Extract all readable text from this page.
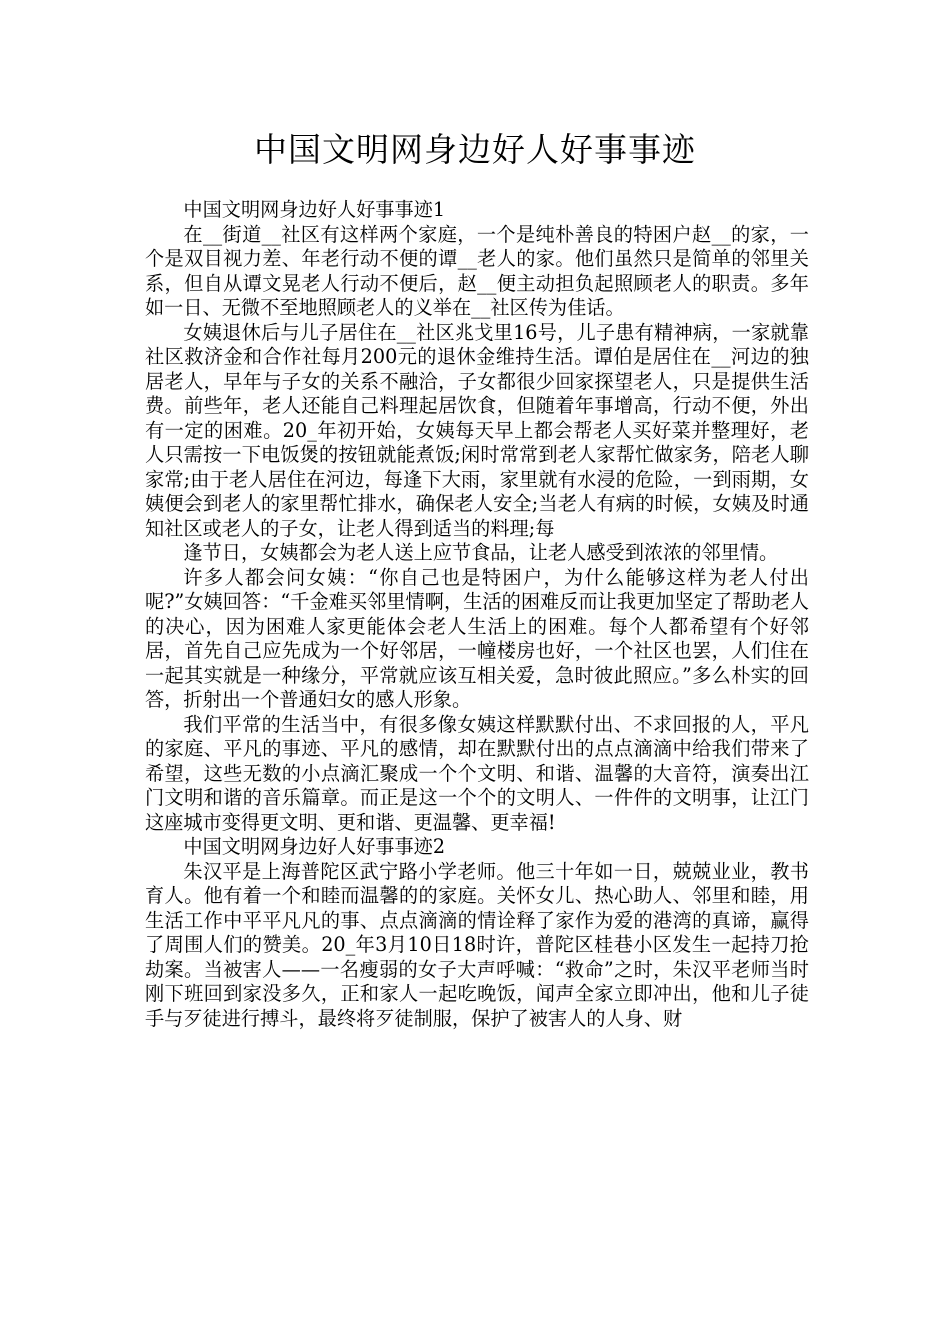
中国文明网身边好人好事事迹

中国文明网身边好人好事事迹1

在__街道__社区有这样两个家庭，一个是纯朴善良的特困户赵__的家，一个是双目视力差、年老行动不便的谭__老人的家。他们虽然只是简单的邻里关系，但自从谭文晃老人行动不便后，赵__便主动担负起照顾老人的职责。多年如一日、无微不至地照顾老人的义举在__社区传为佳话。

女姨退休后与儿子居住在__社区兆戈里16号，儿子患有精神病，一家就靠社区救济金和合作社每月200元的退休金维持生活。谭伯是居住在__河边的独居老人，早年与子女的关系不融洽，子女都很少回家探望老人，只是提供生活费。前些年，老人还能自己料理起居饮食，但随着年事增高，行动不便，外出有一定的困难。20_年初开始，女姨每天早上都会帮老人买好菜并整理好，老人只需按一下电饭煲的按钮就能煮饭;闲时常常到老人家帮忙做家务，陪老人聊家常;由于老人居住在河边，每逢下大雨，家里就有水浸的危险，一到雨期，女姨便会到老人的家里帮忙排水，确保老人安全;当老人有病的时候，女姨及时通知社区或老人的子女，让老人得到适当的料理;每

逢节日，女姨都会为老人送上应节食品，让老人感受到浓浓的邻里情。

许多人都会问女姨：“你自己也是特困户，为什么能够这样为老人付出呢?”女姨回答：“千金难买邻里情啊，生活的困难反而让我更加坚定了帮助老人的决心，因为困难人家更能体会老人生活上的困难。每个人都希望有个好邻居，首先自己应先成为一个好邻居，一幢楼房也好，一个社区也罢，人们住在一起其实就是一种缘分，平常就应该互相关爱，急时彼此照应。”多么朴实的回答，折射出一个普通妇女的感人形象。

我们平常的生活当中，有很多像女姨这样默默付出、不求回报的人，平凡的家庭、平凡的事迹、平凡的感情，却在默默付出的点点滴滴中给我们带来了希望，这些无数的小点滴汇聚成一个个文明、和谐、温馨的大音符，演奏出江门文明和谐的音乐篇章。而正是这一个个的文明人、一件件的文明事，让江门这座城市变得更文明、更和谐、更温馨、更幸福!

中国文明网身边好人好事事迹2

朱汉平是上海普陀区武宁路小学老师。他三十年如一日，兢兢业业，教书育人。他有着一个和睦而温馨的的家庭。关怀女儿、热心助人、邻里和睦，用生活工作中平平凡凡的事、点点滴滴的情诠释了家作为爱的港湾的真谛，赢得了周围人们的赞美。20_年3月10日18时许，普陀区桂巷小区发生一起持刀抢劫案。当被害人——一名瘦弱的女子大声呼喊：“救命”之时，朱汉平老师当时刚下班回到家没多久，正和家人一起吃晚饭，闻声全家立即冲出，他和儿子徒手与歹徒进行搏斗，最终将歹徒制服，保护了被害人的人身、财
